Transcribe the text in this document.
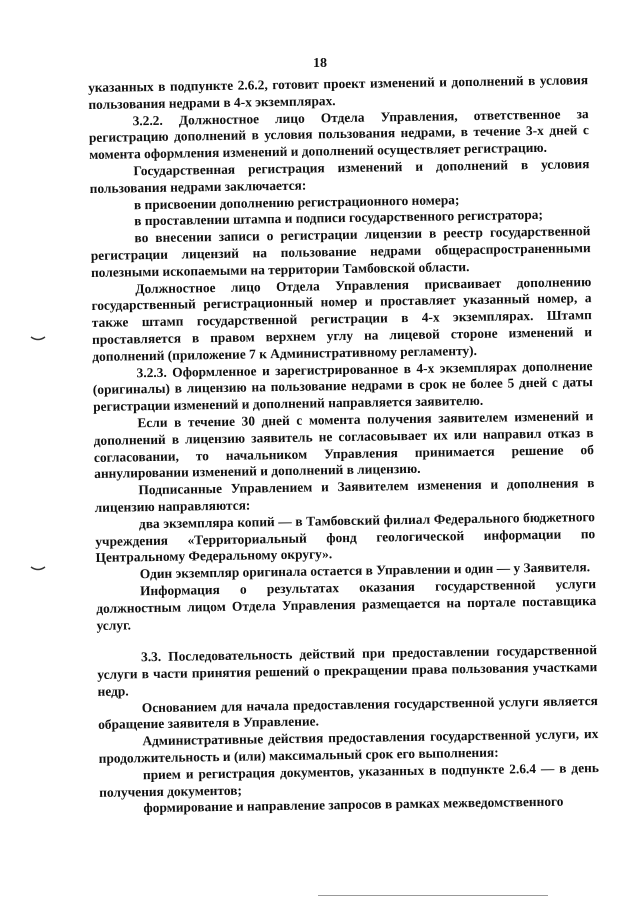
18

указанных в подпункте 2.6.2, готовит проект изменений и дополнений в условия пользования недрами в 4-х экземплярах.

3.2.2. Должностное лицо Отдела Управления, ответственное за регистрацию дополнений в условия пользования недрами, в течение 3-х дней с момента оформления изменений и дополнений осуществляет регистрацию.

Государственная регистрация изменений и дополнений в условия пользования недрами заключается:

в присвоении дополнению регистрационного номера;

в проставлении штампа и подписи государственного регистратора;

во внесении записи о регистрации лицензии в реестр государственной регистрации лицензий на пользование недрами общераспространенными полезными ископаемыми на территории Тамбовской области.

Должностное лицо Отдела Управления присваивает дополнению государственный регистрационный номер и проставляет указанный номер, а также штамп государственной регистрации в 4-х экземплярах. Штамп проставляется в правом верхнем углу на лицевой стороне изменений и дополнений (приложение 7 к Административному регламенту).

3.2.3. Оформленное и зарегистрированное в 4-х экземплярах дополнение (оригиналы) в лицензию на пользование недрами в срок не более 5 дней с даты регистрации изменений и дополнений направляется заявителю.

Если в течение 30 дней с момента получения заявителем изменений и дополнений в лицензию заявитель не согласовывает их или направил отказ в согласовании, то начальником Управления принимается решение об аннулировании изменений и дополнений в лицензию.

Подписанные Управлением и Заявителем изменения и дополнения в лицензию направляются:

два экземпляра копий — в Тамбовский филиал Федерального бюджетного учреждения «Территориальный фонд геологической информации по Центральному Федеральному округу».

Один экземпляр оригинала остается в Управлении и один — у Заявителя.

Информация о результатах оказания государственной услуги должностным лицом Отдела Управления размещается на портале поставщика услуг.

3.3. Последовательность действий при предоставлении государственной услуги в части принятия решений о прекращении права пользования участками недр.

Основанием для начала предоставления государственной услуги является обращение заявителя в Управление.

Административные действия предоставления государственной услуги, их продолжительность и (или) максимальный срок его выполнения:

прием и регистрация документов, указанных в подпункте 2.6.4 — в день получения документов;

формирование и направление запросов в рамках межведомственного
